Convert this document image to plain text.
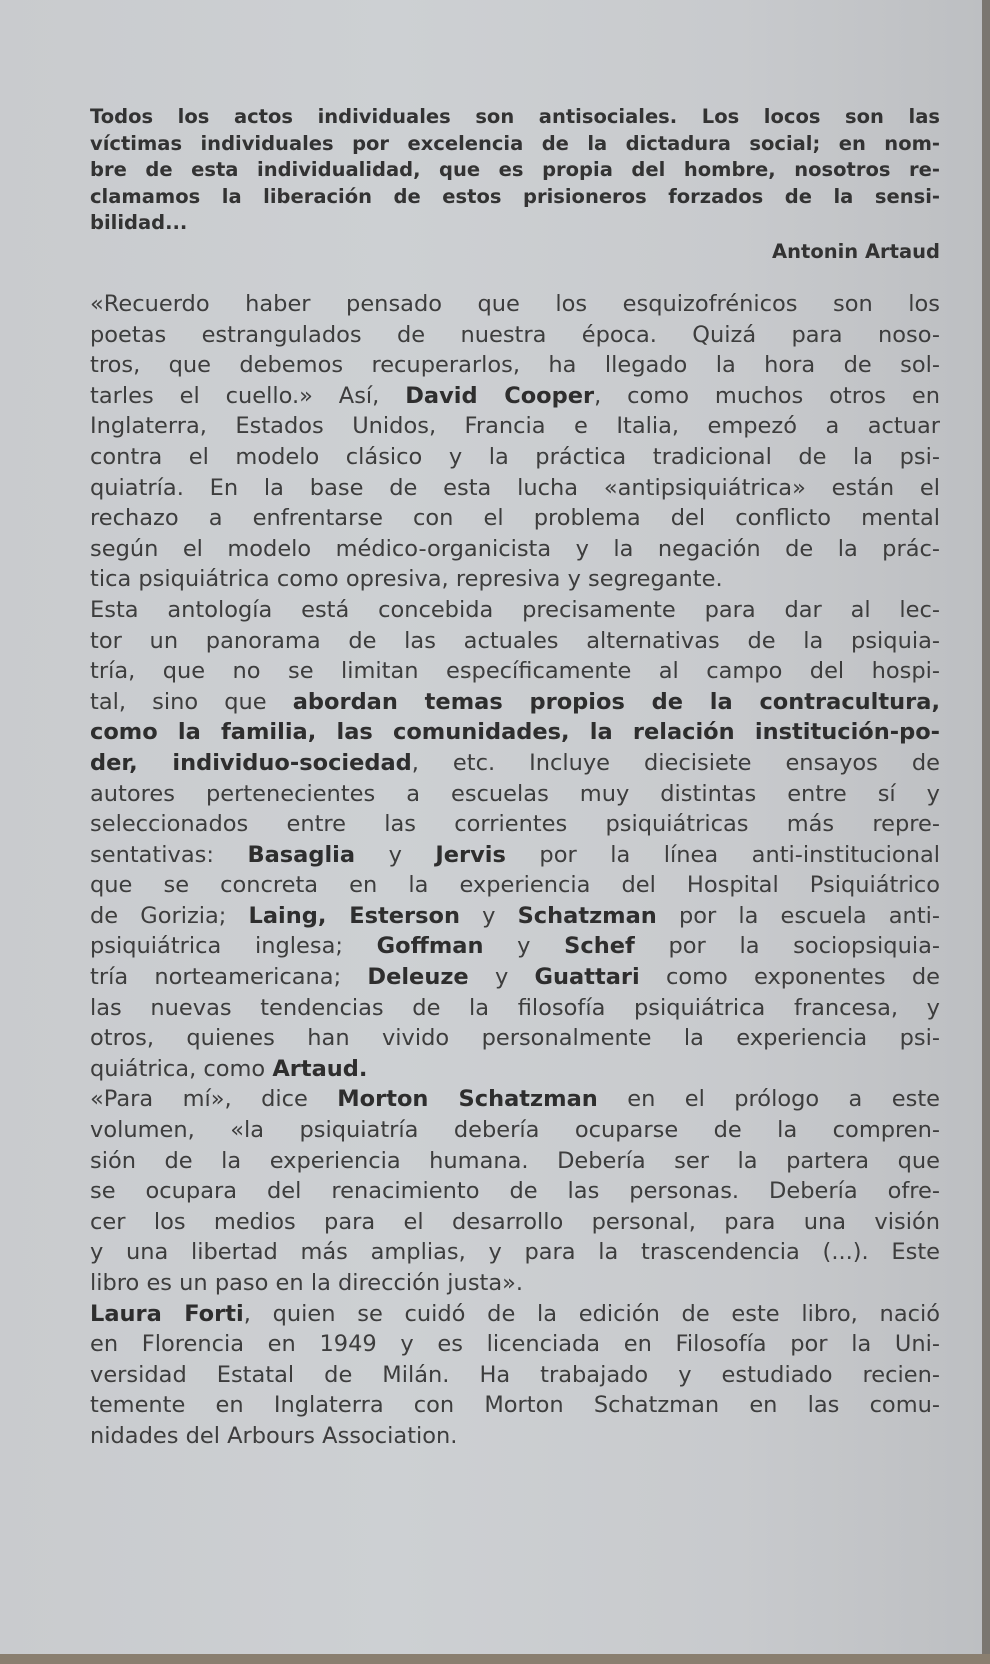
Todos los actos individuales son antisociales. Los locos son las
víctimas individuales por excelencia de la dictadura social; en nom-
bre de esta individualidad, que es propia del hombre, nosotros re-
clamamos la liberación de estos prisioneros forzados de la sensi-
bilidad...
Antonin Artaud
«Recuerdo haber pensado que los esquizofrénicos son los
poetas estrangulados de nuestra época. Quizá para noso-
tros, que debemos recuperarlos, ha llegado la hora de sol-
tarles el cuello.» Así, David Cooper, como muchos otros en
Inglaterra, Estados Unidos, Francia e Italia, empezó a actuar
contra el modelo clásico y la práctica tradicional de la psi-
quiatría. En la base de esta lucha «antipsiquiátrica» están el
rechazo a enfrentarse con el problema del conflicto mental
según el modelo médico-organicista y la negación de la prác-
tica psiquiátrica como opresiva, represiva y segregante.
Esta antología está concebida precisamente para dar al lec-
tor un panorama de las actuales alternativas de la psiquia-
tría, que no se limitan específicamente al campo del hospi-
tal, sino que abordan temas propios de la contracultura,
como la familia, las comunidades, la relación institución-po-
der, individuo-sociedad, etc. Incluye diecisiete ensayos de
autores pertenecientes a escuelas muy distintas entre sí y
seleccionados entre las corrientes psiquiátricas más repre-
sentativas: Basaglia y Jervis por la línea anti-institucional
que se concreta en la experiencia del Hospital Psiquiátrico
de Gorizia; Laing, Esterson y Schatzman por la escuela anti-
psiquiátrica inglesa; Goffman y Schef por la sociopsiquia-
tría norteamericana; Deleuze y Guattari como exponentes de
las nuevas tendencias de la filosofía psiquiátrica francesa, y
otros, quienes han vivido personalmente la experiencia psi-
quiátrica, como Artaud.
«Para mí», dice Morton Schatzman en el prólogo a este
volumen, «la psiquiatría debería ocuparse de la compren-
sión de la experiencia humana. Debería ser la partera que
se ocupara del renacimiento de las personas. Debería ofre-
cer los medios para el desarrollo personal, para una visión
y una libertad más amplias, y para la trascendencia (...). Este
libro es un paso en la dirección justa».
Laura Forti, quien se cuidó de la edición de este libro, nació
en Florencia en 1949 y es licenciada en Filosofía por la Uni-
versidad Estatal de Milán. Ha trabajado y estudiado recien-
temente en Inglaterra con Morton Schatzman en las comu-
nidades del Arbours Association.
